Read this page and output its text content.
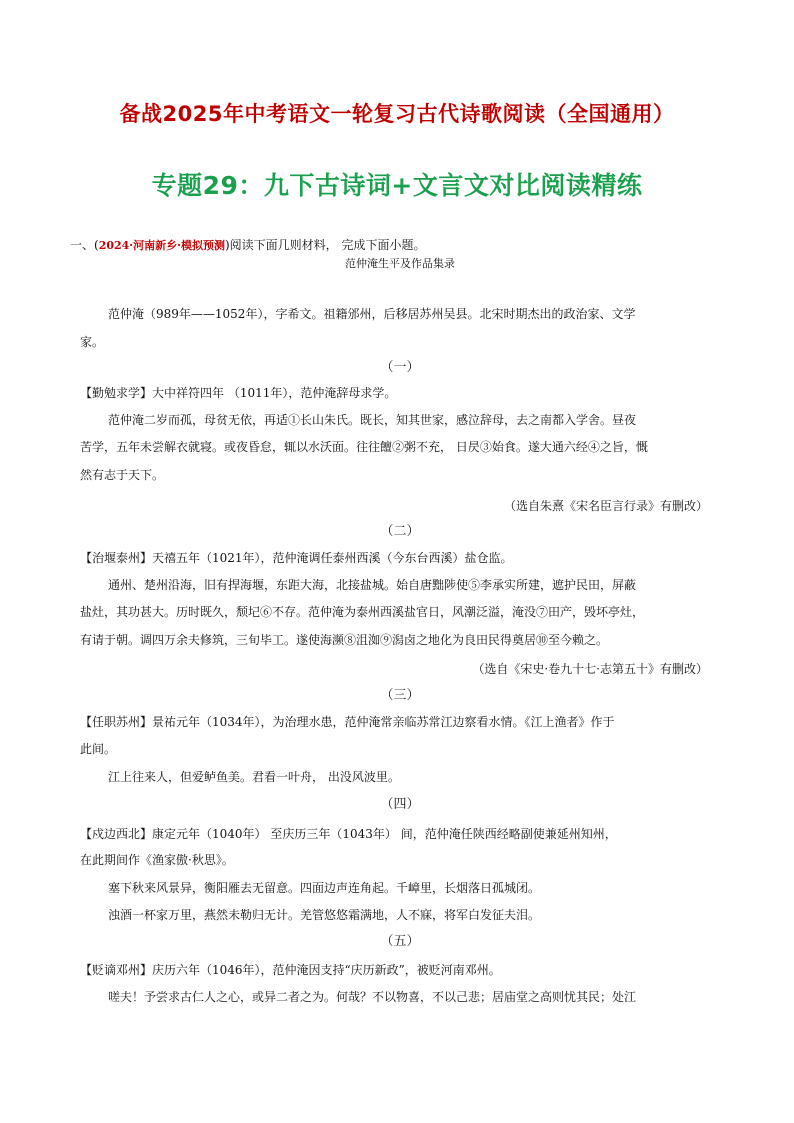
备战2025年中考语文一轮复习古代诗歌阅读（全国通用）
专题29：九下古诗词+文言文对比阅读精练
一、(2024·河南新乡·模拟预测)阅读下面几则材料， 完成下面小题。
范仲淹生平及作品集录
范仲淹（989年——1052年），字希文。祖籍邠州，后移居苏州吴县。北宋时期杰出的政治家、文学
家。
（一）
【勤勉求学】大中祥符四年 （1011年），范仲淹辞母求学。
范仲淹二岁而孤，母贫无依，再适①长山朱氏。既长，知其世家，感泣辞母，去之南都入学舍。昼夜
苦学，五年未尝解衣就寝。或夜昏怠，辄以水沃面。往往饘②粥不充， 日昃③始食。遂大通六经④之旨，慨
然有志于天下。
（选自朱熹《宋名臣言行录》有删改）
（二）
【治堰泰州】天禧五年（1021年），范仲淹调任泰州西溪（今东台西溪）盐仓监。
通州、楚州沿海，旧有捍海堰，东距大海，北接盐城。始自唐黜陟使⑤李承实所建，遮护民田，屏蔽
盐灶，其功甚大。历时既久，颓圮⑥不存。范仲淹为泰州西溪盐官日，风潮泛溢，淹没⑦田产，毁坏亭灶，
有请于朝。调四万余夫修筑，三旬毕工。遂使海濒⑧沮洳⑨潟卤之地化为良田民得奠居⑩至今赖之。
（选自《宋史·卷九十七·志第五十》有删改）
（三）
【任职苏州】景祐元年（1034年），为治理水患，范仲淹常亲临苏常江边察看水情。《江上渔者》作于
此间。
江上往来人，但爱鲈鱼美。君看一叶舟， 出没风波里。
（四）
【戍边西北】康定元年（1040年） 至庆历三年（1043年） 间，范仲淹任陕西经略副使兼延州知州，
在此期间作《渔家傲·秋思》。
塞下秋来风景异，衡阳雁去无留意。四面边声连角起。千嶂里，长烟落日孤城闭。
浊酒一杯家万里，燕然未勒归无计。羌管悠悠霜满地，人不寐，将军白发征夫泪。
（五）
【贬谪邓州】庆历六年（1046年），范仲淹因支持“庆历新政”，被贬河南邓州。
嗟夫！予尝求古仁人之心，或异二者之为。何哉？不以物喜，不以己悲；居庙堂之高则忧其民；处江
